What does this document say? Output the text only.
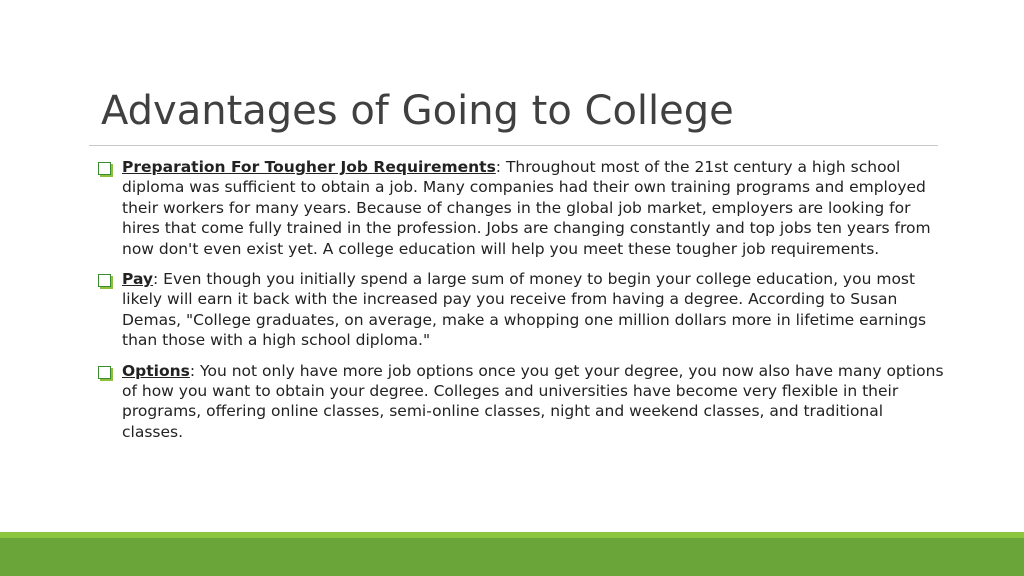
Advantages of Going to College
Preparation For Tougher Job Requirements: Throughout most of the 21st century a high school diploma was sufficient to obtain a job. Many companies had their own training programs and employed their workers for many years. Because of changes in the global job market, employers are looking for hires that come fully trained in the profession. Jobs are changing constantly and top jobs ten years from now don't even exist yet. A college education will help you meet these tougher job requirements.
Pay: Even though you initially spend a large sum of money to begin your college education, you most likely will earn it back with the increased pay you receive from having a degree. According to Susan Demas, "College graduates, on average, make a whopping one million dollars more in lifetime earnings than those with a high school diploma."
Options: You not only have more job options once you get your degree, you now also have many options of how you want to obtain your degree. Colleges and universities have become very flexible in their programs, offering online classes, semi-online classes, night and weekend classes, and traditional classes.
